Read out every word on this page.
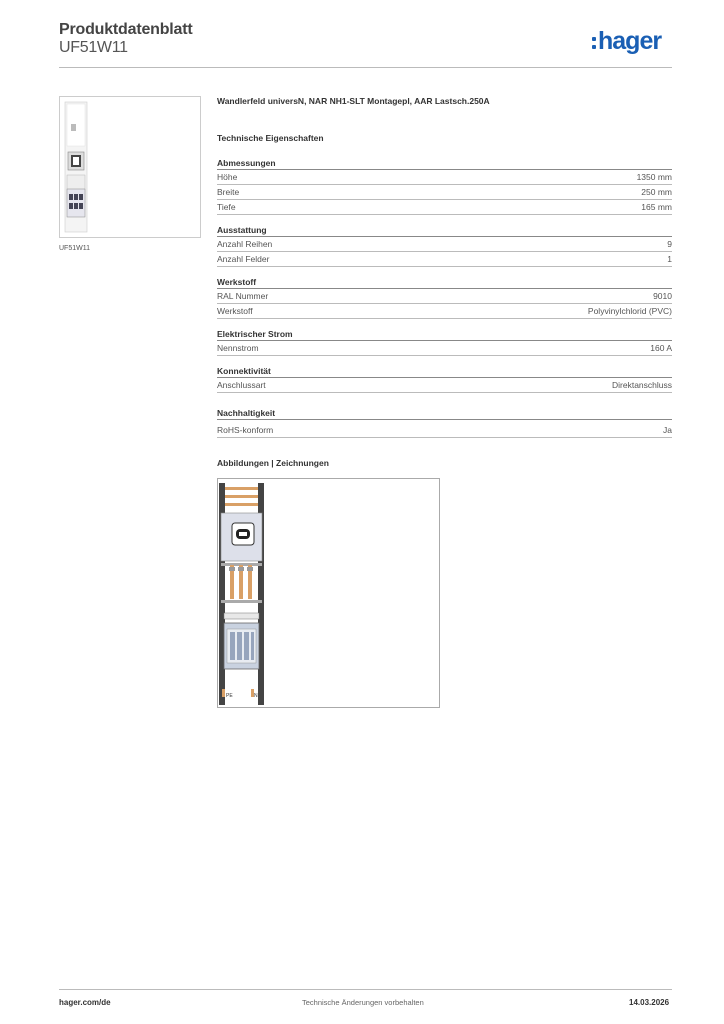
Produktdatenblatt
UF51W11	hager
UF51W11
Wandlerfeld universN, NAR NH1-SLT Montagepl, AAR Lastsch.250A
Technische Eigenschaften
Abmessungen
Höhe	1350 mm
Breite	250 mm
Tiefe	165 mm
Ausstattung
Anzahl Reihen	9
Anzahl Felder	1
Werkstoff
RAL Nummer	9010
Werkstoff	Polyvinylchlorid (PVC)
Elektrischer Strom
Nennstrom	160 A
Konnektivität
Anschlussart	Direktanschluss
Nachhaltigkeit
RoHS-konform	Ja
Abbildungen | Zeichnungen
PE	N
hager.com/de	Technische Änderungen vorbehalten	14.03.2026
